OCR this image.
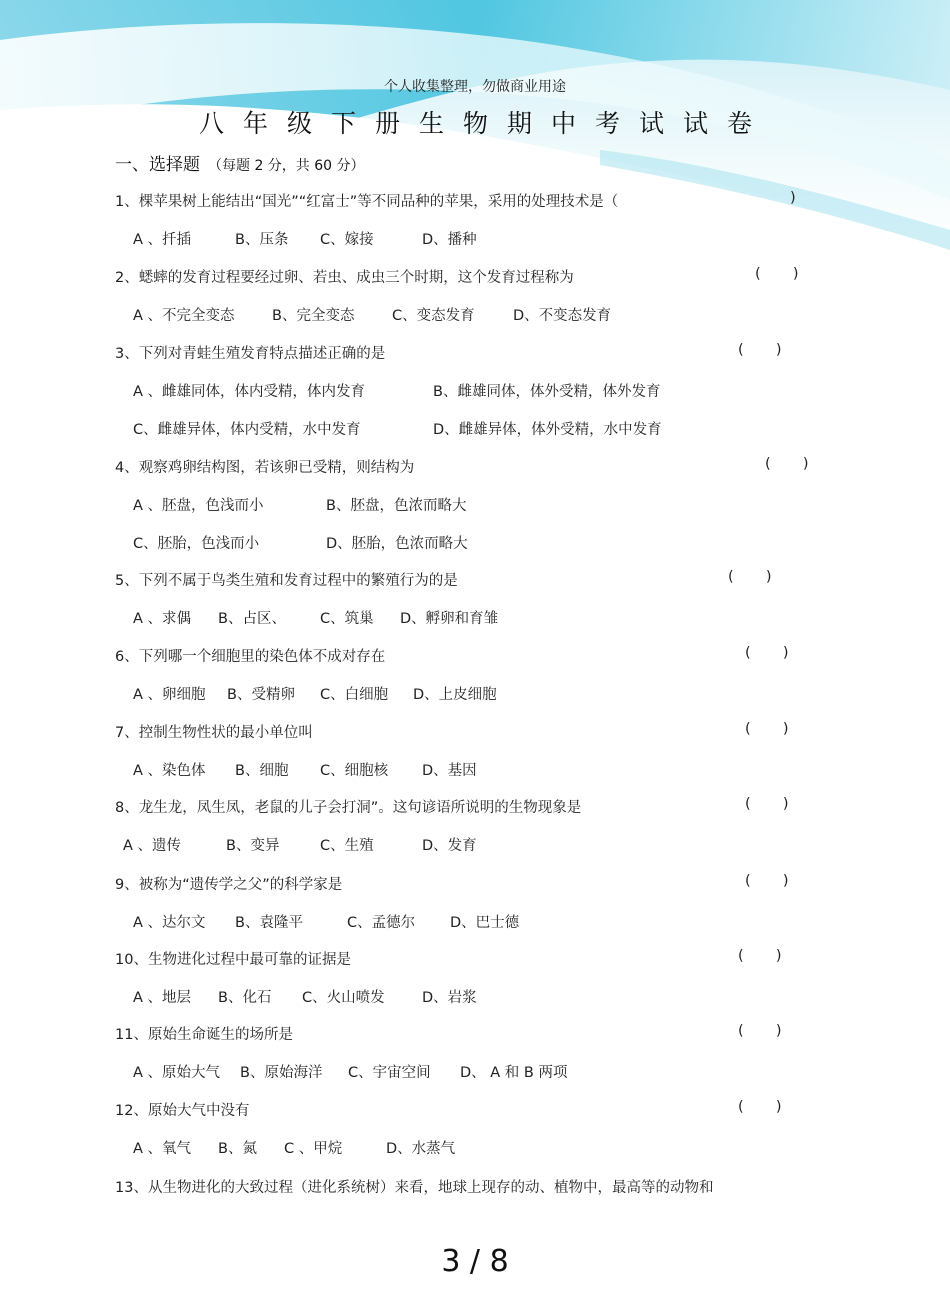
个人收集整理，勿做商业用途
八年级下册生物期中考试试卷
一、选择题 （每题 2 分，共 60 分）
1、棵苹果树上能结出“国光”“红富士”等不同品种的苹果，采用的处理技术是（	)
A 、扦插	B、压条 C、嫁接	D、播种
2、蟋蟀的发育过程要经过卵、若虫、成虫三个时期，这个发育过程称为	(       )
A 、不完全变态	B、完全变态	C、变态发育	D、不变态发育
3、下列对青蛙生殖发育特点描述正确的是	(       )
A 、雌雄同体，体内受精，体内发育	B、雌雄同体，体外受精，体外发育
C、雌雄异体，体内受精，水中发育	D、雌雄异体，体外受精，水中发育
4、观察鸡卵结构图，若该卵已受精，则结构为	(       )
A 、胚盘，色浅而小	B、胚盘，色浓而略大
C、胚胎，色浅而小	D、胚胎，色浓而略大
5、下列不属于鸟类生殖和发育过程中的繁殖行为的是	(       )
A 、求偶 B、占区、 C、筑巢 D、孵卵和育雏
6、下列哪一个细胞里的染色体不成对存在	(       )
A 、卵细胞 B、受精卵 C、白细胞 D、上皮细胞
7、控制生物性状的最小单位叫	(       )
A 、染色体 B、细胞 C、细胞核 D、基因
8、龙生龙，凤生凤，老鼠的儿子会打洞”。这句谚语所说明的生物现象是	(       )
A 、遗传	B、变异	C、生殖	D、发育
9、被称为“遗传学之父”的科学家是	(       )
A 、达尔文 B、袁隆平	C、孟德尔 D、巴士德
10、生物进化过程中最可靠的证据是	(       )
A 、地层 B、化石 C、火山喷发	D、岩浆
11、原始生命诞生的场所是	(       )
A 、原始大气 B、原始海洋 C、宇宙空间 D、 A 和 B 两项
12、原始大气中没有	(       )
A 、氧气 B、氮 C 、甲烷	D、水蒸气
13、从生物进化的大致过程（进化系统树）来看，地球上现存的动、植物中，最高等的动物和
3 / 8
